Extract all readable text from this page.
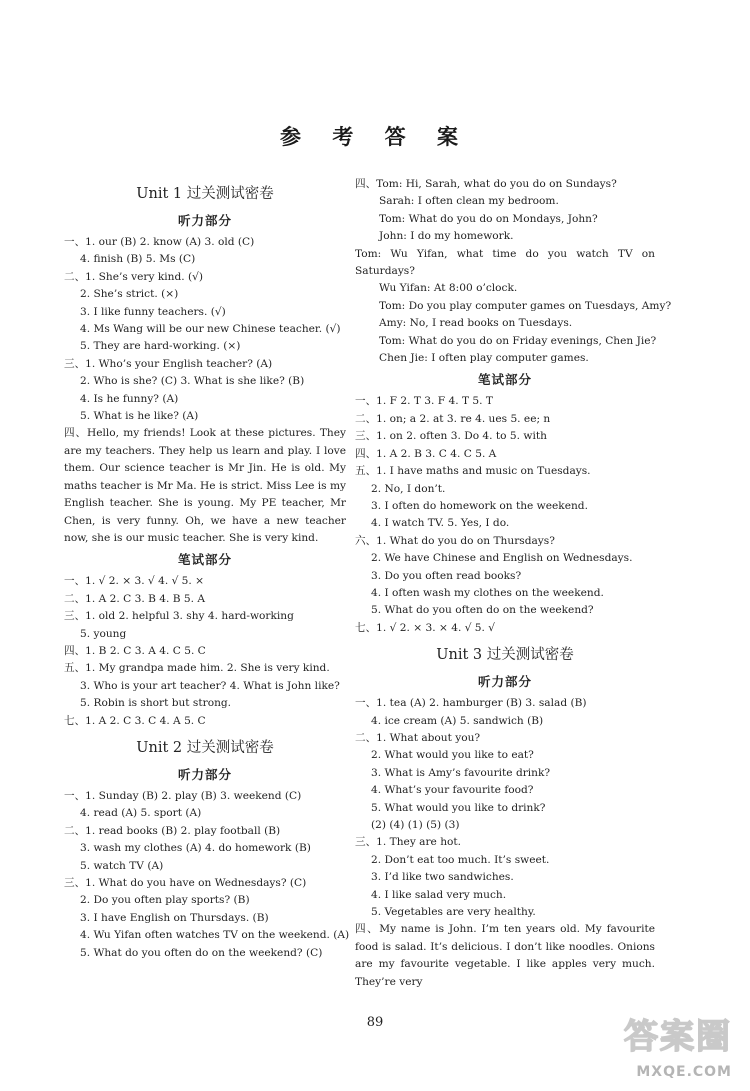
参 考 答 案
Unit 1 过关测试密卷
听力部分
一、1. our (B) 2. know (A) 3. old (C)
4. finish (B) 5. Ms (C)
二、1. She’s very kind. (√)
2. She’s strict. (×)
3. I like funny teachers. (√)
4. Ms Wang will be our new Chinese teacher. (√)
5. They are hard-working. (×)
三、1. Who’s your English teacher? (A)
2. Who is she? (C) 3. What is she like? (B)
4. Is he funny? (A)
5. What is he like? (A)
四、Hello, my friends! Look at these pictures. They are my teachers. They help us learn and play. I love them. Our science teacher is Mr Jin. He is old. My maths teacher is Mr Ma. He is strict. Miss Lee is my English teacher. She is young. My PE teacher, Mr Chen, is very funny. Oh, we have a new teacher now, she is our music teacher. She is very kind.
笔试部分
一、1. √ 2. × 3. √ 4. √ 5. ×
二、1. A 2. C 3. B 4. B 5. A
三、1. old 2. helpful 3. shy 4. hard-working
5. young
四、1. B 2. C 3. A 4. C 5. C
五、1. My grandpa made him. 2. She is very kind.
3. Who is your art teacher? 4. What is John like?
5. Robin is short but strong.
七、1. A 2. C 3. C 4. A 5. C
Unit 2 过关测试密卷
听力部分
一、1. Sunday (B) 2. play (B) 3. weekend (C)
4. read (A) 5. sport (A)
二、1. read books (B) 2. play football (B)
3. wash my clothes (A) 4. do homework (B)
5. watch TV (A)
三、1. What do you have on Wednesdays? (C)
2. Do you often play sports? (B)
3. I have English on Thursdays. (B)
4. Wu Yifan often watches TV on the weekend. (A)
5. What do you often do on the weekend? (C)
四、Tom: Hi, Sarah, what do you do on Sundays?
Sarah: I often clean my bedroom.
Tom: What do you do on Mondays, John?
John: I do my homework.
Tom: Wu Yifan, what time do you watch TV on Saturdays?
Wu Yifan: At 8:00 o’clock.
Tom: Do you play computer games on Tuesdays, Amy?
Amy: No, I read books on Tuesdays.
Tom: What do you do on Friday evenings, Chen Jie?
Chen Jie: I often play computer games.
笔试部分
一、1. F 2. T 3. F 4. T 5. T
二、1. on; a 2. at 3. re 4. ues 5. ee; n
三、1. on 2. often 3. Do 4. to 5. with
四、1. A 2. B 3. C 4. C 5. A
五、1. I have maths and music on Tuesdays.
2. No, I don’t.
3. I often do homework on the weekend.
4. I watch TV. 5. Yes, I do.
六、1. What do you do on Thursdays?
2. We have Chinese and English on Wednesdays.
3. Do you often read books?
4. I often wash my clothes on the weekend.
5. What do you often do on the weekend?
七、1. √ 2. × 3. × 4. √ 5. √
Unit 3 过关测试密卷
听力部分
一、1. tea (A) 2. hamburger (B) 3. salad (B)
4. ice cream (A) 5. sandwich (B)
二、1. What about you?
2. What would you like to eat?
3. What is Amy’s favourite drink?
4. What’s your favourite food?
5. What would you like to drink?
(2) (4) (1) (5) (3)
三、1. They are hot.
2. Don’t eat too much. It’s sweet.
3. I’d like two sandwiches.
4. I like salad very much.
5. Vegetables are very healthy.
四、My name is John. I’m ten years old. My favourite food is salad. It’s delicious. I don’t like noodles. Onions are my favourite vegetable. I like apples very much. They’re very
89	答案圈
MXQE.COM
